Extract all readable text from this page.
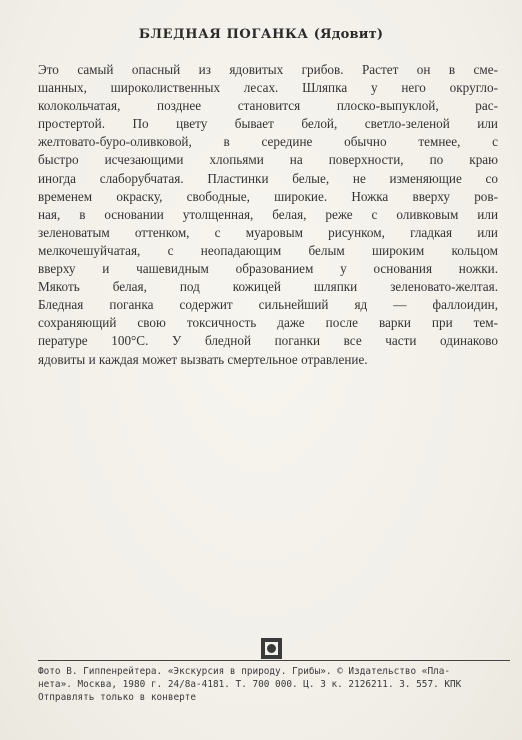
БЛЕДНАЯ ПОГАНКА (Ядовит)
Это самый опасный из ядовитых грибов. Растет он в сме-
шанных, широколиственных лесах. Шляпка у него округло-
колокольчатая, позднее становится плоско-выпуклой, рас-
простертой. По цвету бывает белой, светло-зеленой или
желтовато-буро-оливковой, в середине обычно темнее, с
быстро исчезающими хлопьями на поверхности, по краю
иногда слаборубчатая. Пластинки белые, не изменяющие со
временем окраску, свободные, широкие. Ножка вверху ров-
ная, в основании утолщенная, белая, реже с оливковым или
зеленоватым оттенком, с муаровым рисунком, гладкая или
мелкочешуйчатая, с неопадающим белым широким кольцом
вверху и чашевидным образованием у основания ножки.
Мякоть белая, под кожицей шляпки зеленовато-желтая.
Бледная поганка содержит сильнейший яд — фаллоидин,
сохраняющий свою токсичность даже после варки при тем-
пературе 100°С. У бледной поганки все части одинаково
ядовиты и каждая может вызвать смертельное отравление.
Фото В. Гиппенрейтера. «Экскурсия в природу. Грибы». © Издательство «Пла-
нета». Москва, 1980 г. 24/8а-4181. Т. 700 000. Ц. 3 к. 2126211. З. 557. КПК
Отправлять только в конверте
